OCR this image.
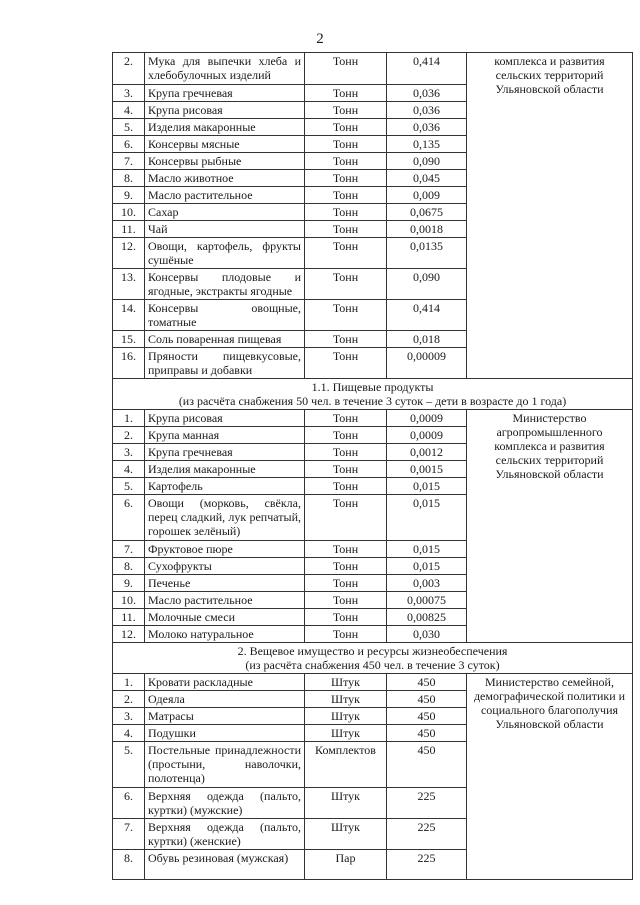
2
2.	Мука для выпечки хлеба и хлебобулочных изделий	Тонн	0,414	комплекса и развития сельских территорий Ульяновской области
3.	Крупа гречневая	Тонн	0,036	
4.	Крупа рисовая	Тонн	0,036	
5.	Изделия макаронные	Тонн	0,036	
6.	Консервы мясные	Тонн	0,135	
7.	Консервы рыбные	Тонн	0,090	
8.	Масло животное	Тонн	0,045	
9.	Масло растительное	Тонн	0,009	
10.	Сахар	Тонн	0,0675	
11.	Чай	Тонн	0,0018	
12.	Овощи, картофель, фрукты сушёные	Тонн	0,0135	
13.	Консервы плодовые и ягодные, экстракты ягодные	Тонн	0,090	
14.	Консервы овощные, томатные	Тонн	0,414	
15.	Соль поваренная пищевая	Тонн	0,018	
16.	Пряности пищевкусовые, приправы и добавки	Тонн	0,00009	

1.1. Пищевые продукты
(из расчёта снабжения 50 чел. в течение 3 суток – дети в возрасте до 1 года)				

1.	Крупа рисовая	Тонн	0,0009	Министерство агропромышленного комплекса и развития сельских территорий Ульяновской области
2.	Крупа манная	Тонн	0,0009	
3.	Крупа гречневая	Тонн	0,0012	
4.	Изделия макаронные	Тонн	0,0015	
5.	Картофель	Тонн	0,015	
6.	Овощи (морковь, свёкла, перец сладкий, лук репчатый, горошек зелёный)	Тонн	0,015	
7.	Фруктовое пюре	Тонн	0,015	
8.	Сухофрукты	Тонн	0,015	
9.	Печенье	Тонн	0,003	
10.	Масло растительное	Тонн	0,00075	
11.	Молочные смеси	Тонн	0,00825	
12.	Молоко натуральное	Тонн	0,030	

2. Вещевое имущество и ресурсы жизнеобеспечения
(из расчёта снабжения 450 чел. в течение 3 суток)				

1.	Кровати раскладные	Штук	450	Министерство семейной, демографической политики и социального благополучия Ульяновской области
2.	Одеяла	Штук	450	
3.	Матрасы	Штук	450	
4.	Подушки	Штук	450	
5.	Постельные принадлежности (простыни, наволочки, полотенца)	Комплектов	450	
6.	Верхняя одежда (пальто, куртки) (мужские)	Штук	225	
7.	Верхняя одежда (пальто, куртки) (женские)	Штук	225	
8.	Обувь резиновая (мужская)	Пар	225	
